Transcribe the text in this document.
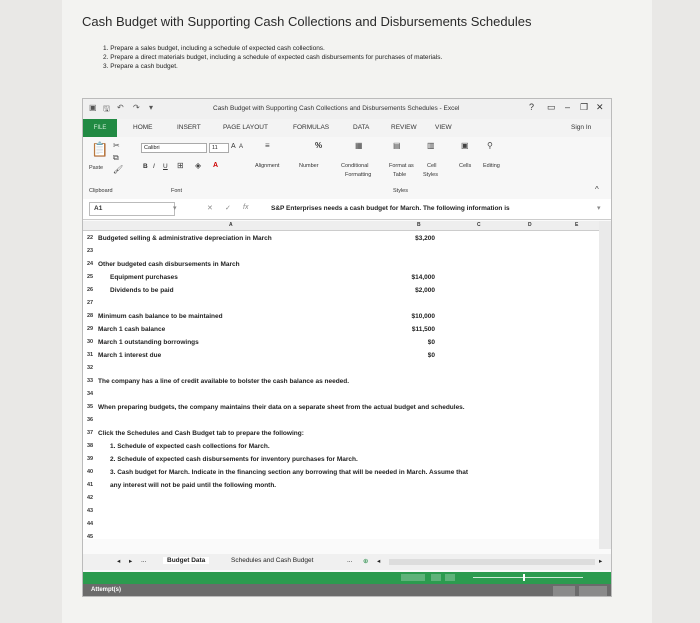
Cash Budget with Supporting Cash Collections and Disbursements Schedules
1. Prepare a sales budget, including a schedule of expected cash collections.
2. Prepare a direct materials budget, including a schedule of expected cash disbursements for purchases of materials.
3. Prepare a cash budget.
▣ 🖫 ↶ ↷ ▾	Cash Budget with Supporting Cash Collections and Disbursements Schedules - Excel	? ▭ – ❐ ✕
FILE	HOME	INSERT	PAGE LAYOUT	FORMULAS	DATA	REVIEW	VIEW	Sign In
📋
Paste
✂
⧉
🖌
Clipboard
Calibri	11	A A
B I U ⊞ ◈ A
Font
≡
Alignment
%
Number
▦
Conditional
Formatting
▤
Format as
Table
▥
Cell
Styles
Styles
▣
Cells
⚲
Editing
^
A1	▾	✕ ✓ fx	S&P Enterprises needs a cash budget for March. The following information is	▾
A	B	C	D	E
22 Budgeted selling & administrative depreciation in March	$3,200
23
24 Other budgeted cash disbursements in March
25	Equipment purchases	$14,000
26	Dividends to be paid	$2,000
27
28 Minimum cash balance to be maintained	$10,000
29 March 1 cash balance	$11,500
30 March 1 outstanding borrowings	$0
31 March 1 interest due	$0
32
33 The company has a line of credit available to bolster the cash balance as needed.
34
35 When preparing budgets, the company maintains their data on a separate sheet from the actual budget and schedules.
36
37 Click the Schedules and Cash Budget tab to prepare the following:
38	1. Schedule of expected cash collections for March.
39	2. Schedule of expected cash disbursements for inventory purchases for March.
40	3. Cash budget for March. Indicate in the financing section any borrowing that will be needed in March. Assume that
41	any interest will not be paid until the following month.
42
43
44
45
◂ ▸ ...	Budget Data	Schedules and Cash Budget	... ⊕ ◂	▸
Attempt(s)
